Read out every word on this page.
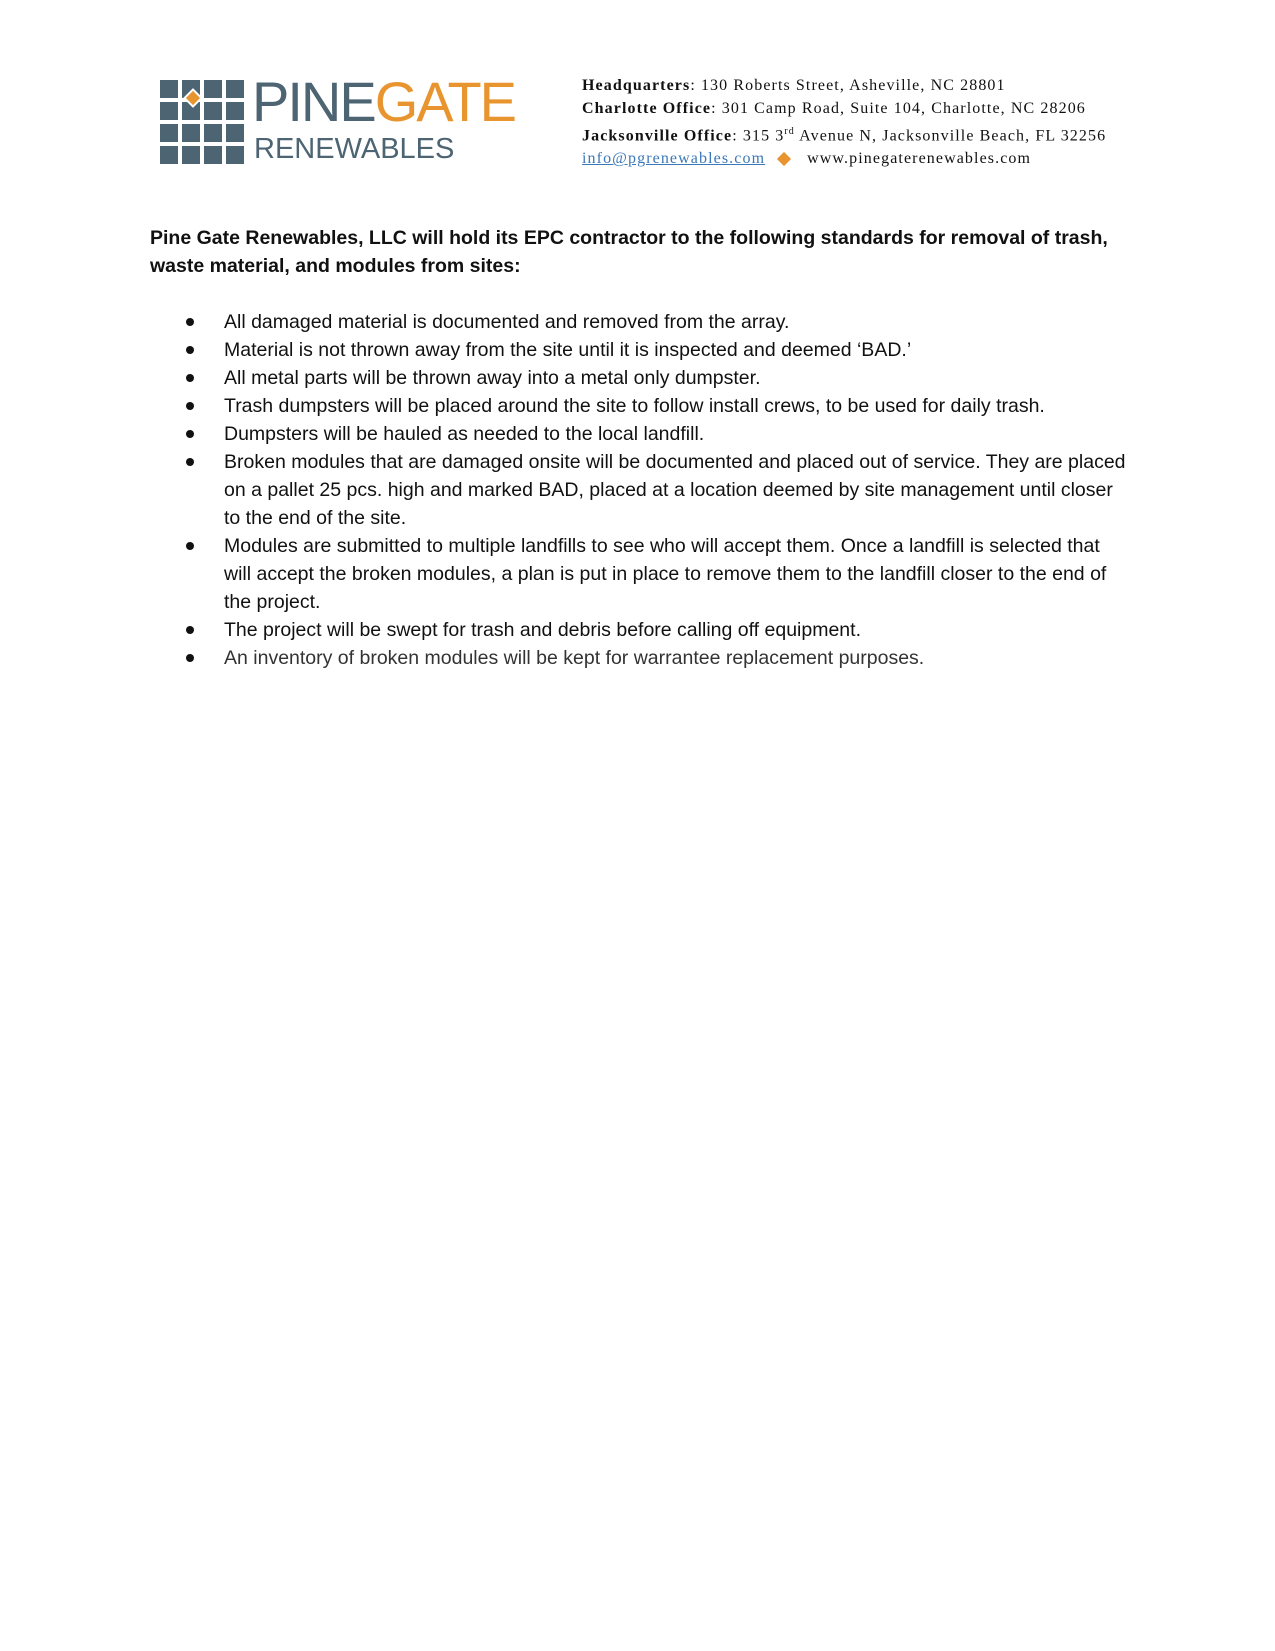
PINEGATE
RENEWABLES
Headquarters: 130 Roberts Street, Asheville, NC 28801
Charlotte Office: 301 Camp Road, Suite 104, Charlotte, NC 28206
Jacksonville Office: 315 3rd Avenue N, Jacksonville Beach, FL 32256
info@pgrenewables.com	www.pinegaterenewables.com
Pine Gate Renewables, LLC will hold its EPC contractor to the following standards for removal of trash, waste material, and modules from sites:
All damaged material is documented and removed from the array.
Material is not thrown away from the site until it is inspected and deemed ‘BAD.’
All metal parts will be thrown away into a metal only dumpster.
Trash dumpsters will be placed around the site to follow install crews, to be used for daily trash.
Dumpsters will be hauled as needed to the local landfill.
Broken modules that are damaged onsite will be documented and placed out of service. They are placed on a pallet 25 pcs. high and marked BAD, placed at a location deemed by site management until closer to the end of the site.
Modules are submitted to multiple landfills to see who will accept them. Once a landfill is selected that will accept the broken modules, a plan is put in place to remove them to the landfill closer to the end of the project.
The project will be swept for trash and debris before calling off equipment.
An inventory of broken modules will be kept for warrantee replacement purposes.
